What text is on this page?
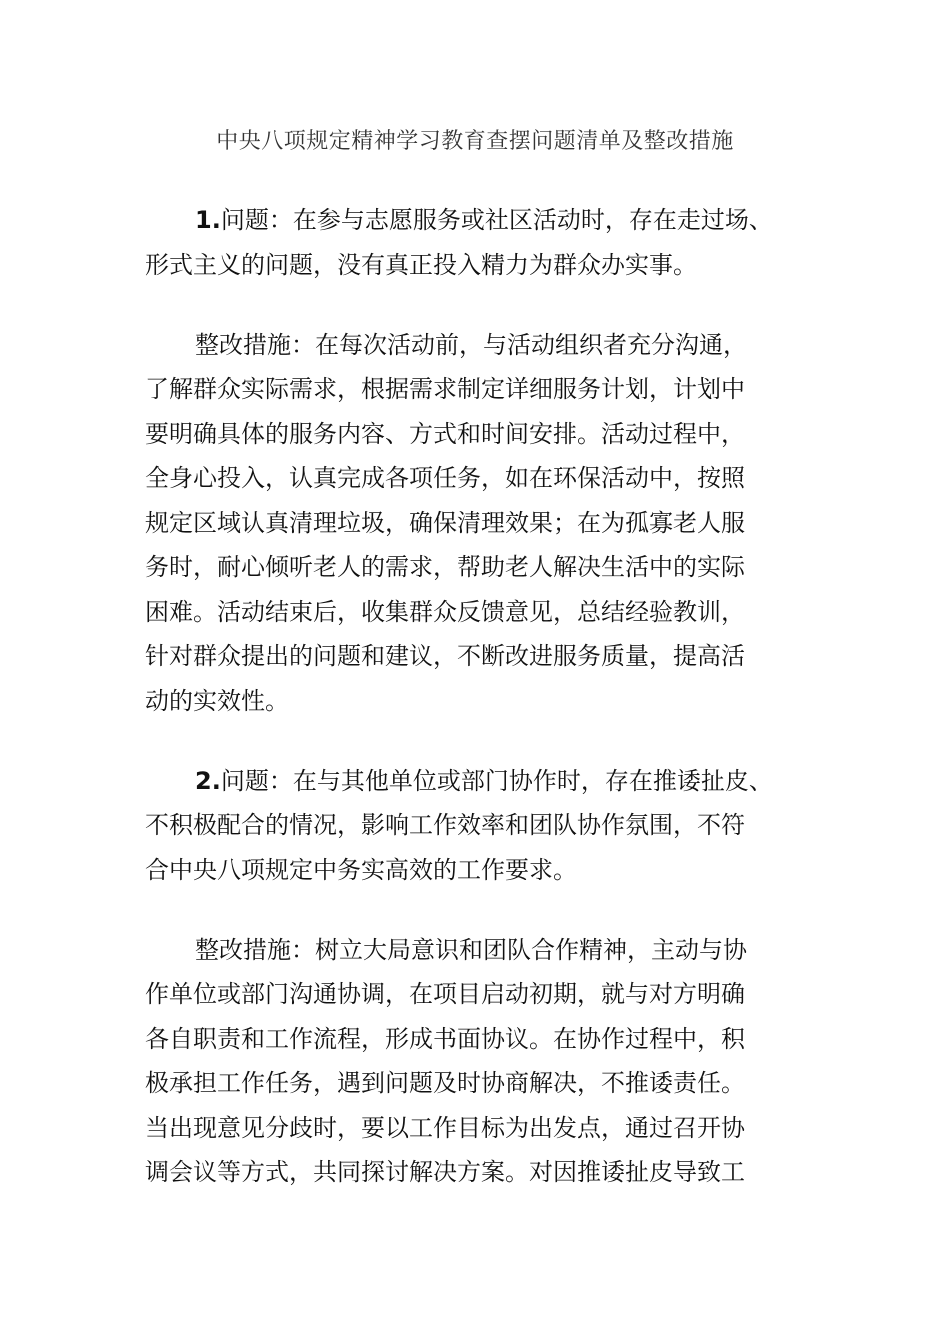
中央八项规定精神学习教育查摆问题清单及整改措施
1.问题：在参与志愿服务或社区活动时，存在走过场、
形式主义的问题，没有真正投入精力为群众办实事。
整改措施：在每次活动前，与活动组织者充分沟通，
了解群众实际需求，根据需求制定详细服务计划，计划中
要明确具体的服务内容、方式和时间安排。活动过程中，
全身心投入，认真完成各项任务，如在环保活动中，按照
规定区域认真清理垃圾，确保清理效果；在为孤寡老人服
务时，耐心倾听老人的需求，帮助老人解决生活中的实际
困难。活动结束后，收集群众反馈意见，总结经验教训，
针对群众提出的问题和建议，不断改进服务质量，提高活
动的实效性。
2.问题：在与其他单位或部门协作时，存在推诿扯皮、
不积极配合的情况，影响工作效率和团队协作氛围，不符
合中央八项规定中务实高效的工作要求。
整改措施：树立大局意识和团队合作精神，主动与协
作单位或部门沟通协调，在项目启动初期，就与对方明确
各自职责和工作流程，形成书面协议。在协作过程中，积
极承担工作任务，遇到问题及时协商解决，不推诿责任。
当出现意见分歧时，要以工作目标为出发点，通过召开协
调会议等方式，共同探讨解决方案。对因推诿扯皮导致工
